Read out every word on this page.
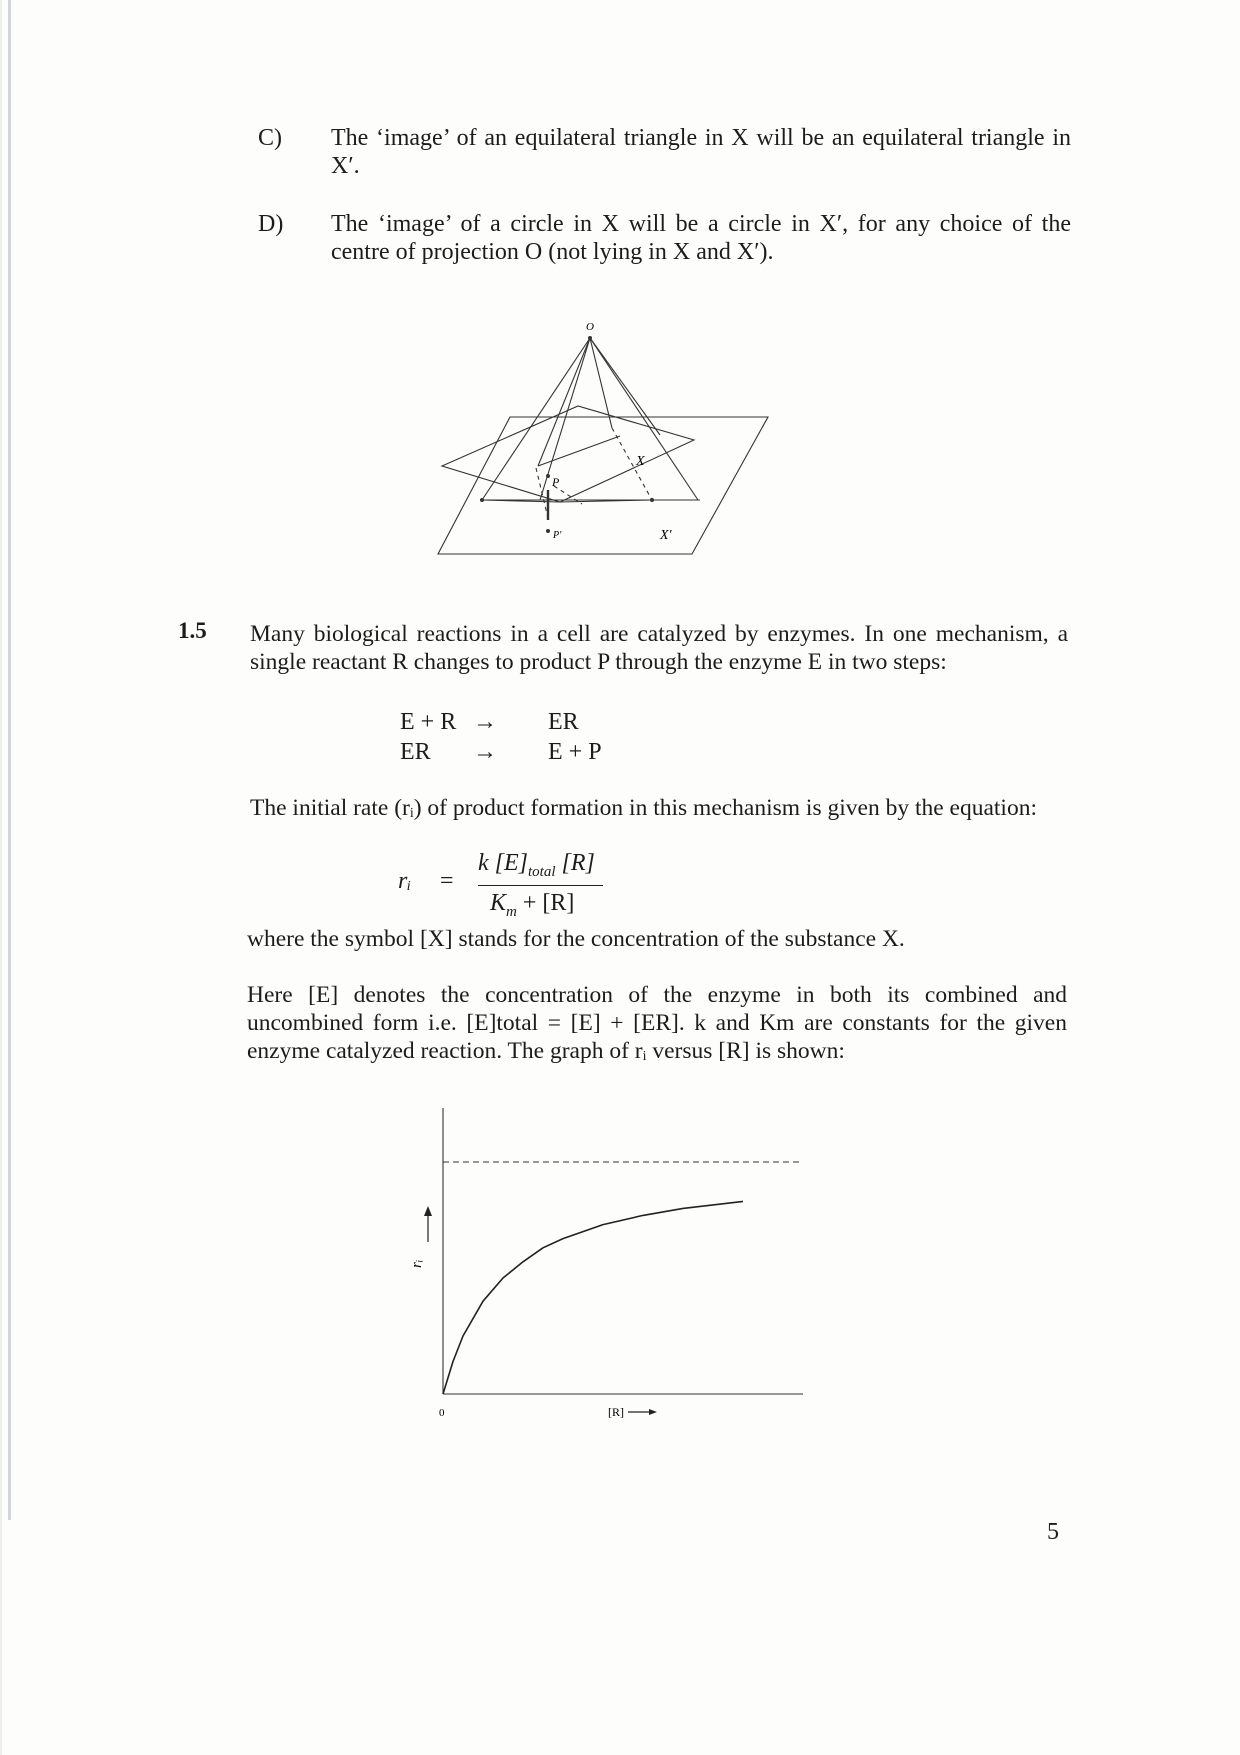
C) The ‘image’ of an equilateral triangle in X will be an equilateral triangle in X′.
D) The ‘image’ of a circle in X will be a circle in X′, for any choice of the centre of projection O (not lying in X and X′).
O
P
P′
X
X′
1.5 Many biological reactions in a cell are catalyzed by enzymes. In one mechanism, a single reactant R changes to product P through the enzyme E in two steps:
E + R → ER
ER → E + P
The initial rate (rᵢ) of product formation in this mechanism is given by the equation:
rᵢ =
k $[E]_{total}$ [R]
$K_m + [R]$
where the symbol [X] stands for the concentration of the substance X.
Here [E] denotes the concentration of the enzyme in both its combined and uncombined form i.e. [E]total = [E] + [ER]. k and Km are constants for the given enzyme catalyzed reaction. The graph of rᵢ versus [R] is shown:
rᵢ
[R]
0
5
